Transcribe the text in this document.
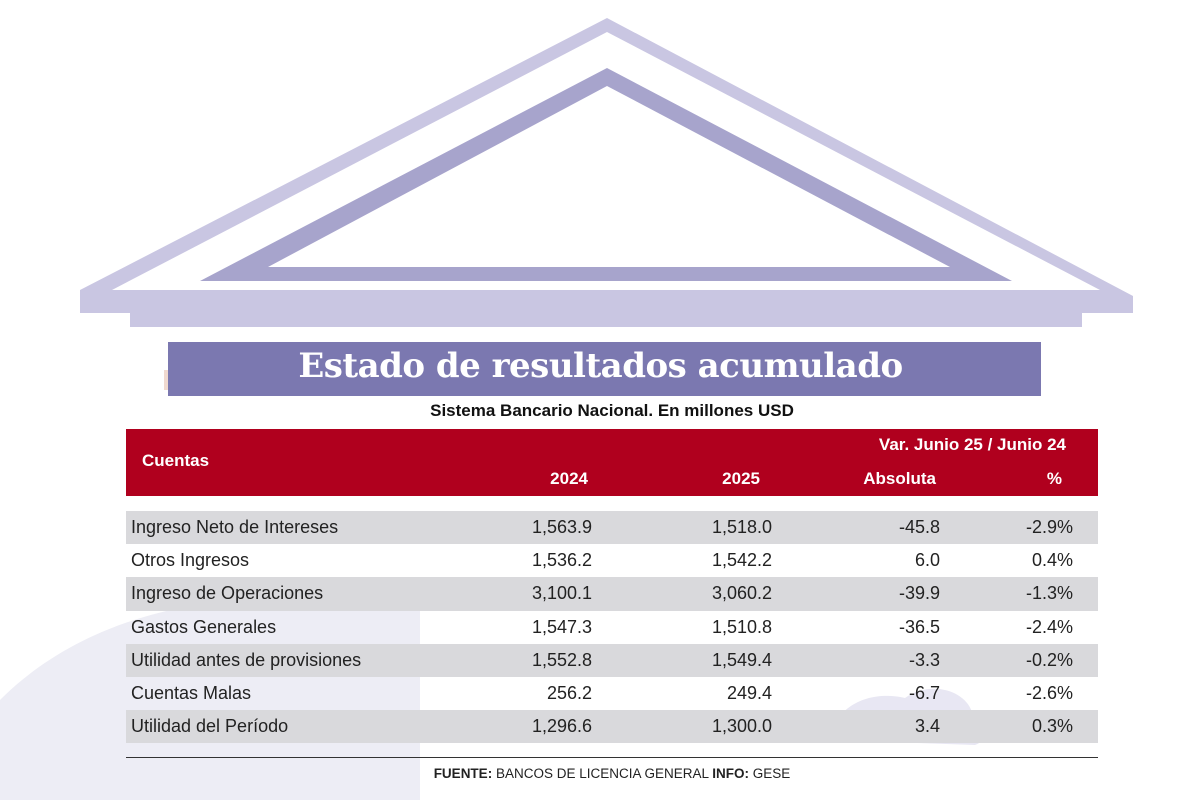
Estado de resultados acumulado
Sistema Bancario Nacional. En millones USD
Cuentas
Var. Junio 25 / Junio 24
2024	2025	Absoluta	%
Ingreso Neto de Intereses	1,563.9	1,518.0	-45.8	-2.9%
Otros Ingresos	1,536.2	1,542.2	6.0	0.4%
Ingreso de Operaciones	3,100.1	3,060.2	-39.9	-1.3%
Gastos Generales	1,547.3	1,510.8	-36.5	-2.4%
Utilidad antes de provisiones	1,552.8	1,549.4	-3.3	-0.2%
Cuentas Malas	256.2	249.4	-6.7	-2.6%
Utilidad del Período	1,296.6	1,300.0	3.4	0.3%
FUENTE: BANCOS DE LICENCIA GENERAL INFO: GESE
